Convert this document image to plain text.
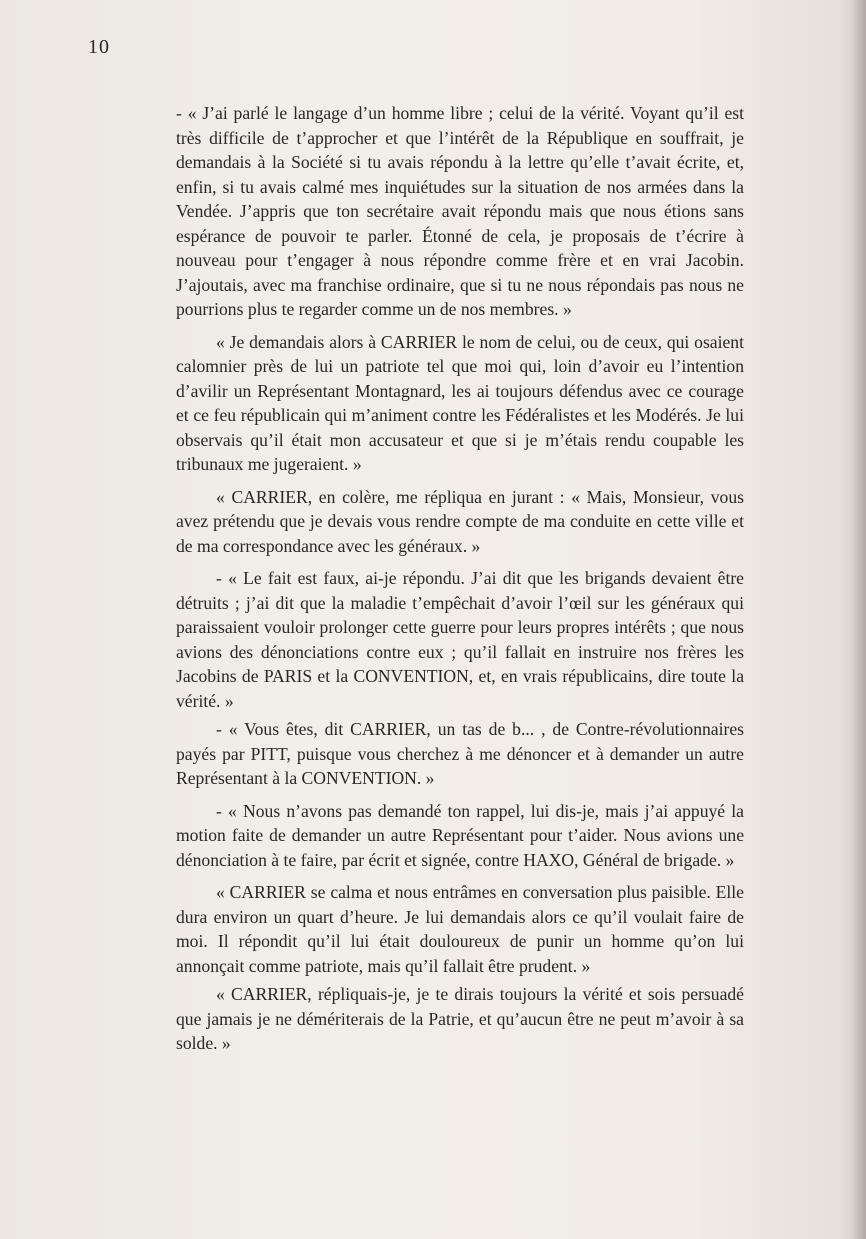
10

- « J’ai parlé le langage d’un homme libre ; celui de la vérité. Voyant qu’il est très difficile de t’approcher et que l’intérêt de la République en souffrait, je demandais à la Société si tu avais répondu à la lettre qu’elle t’avait écrite, et, enfin, si tu avais calmé mes inquiétudes sur la situation de nos armées dans la Vendée. J’appris que ton secrétaire avait répondu mais que nous étions sans espérance de pouvoir te parler. Étonné de cela, je proposais de t’écrire à nouveau pour t’engager à nous répondre comme frère et en vrai Jacobin. J’ajoutais, avec ma franchise ordinaire, que si tu ne nous répondais pas nous ne pourrions plus te regarder comme un de nos membres. »

« Je demandais alors à CARRIER le nom de celui, ou de ceux, qui osaient calomnier près de lui un patriote tel que moi qui, loin d’avoir eu l’intention d’avilir un Représentant Montagnard, les ai toujours défendus avec ce courage et ce feu républicain qui m’animent contre les Fédéralistes et les Modérés. Je lui observais qu’il était mon accusateur et que si je m’étais rendu coupable les tribunaux me jugeraient. »

« CARRIER, en colère, me répliqua en jurant : « Mais, Monsieur, vous avez prétendu que je devais vous rendre compte de ma conduite en cette ville et de ma correspondance avec les généraux. »

- « Le fait est faux, ai-je répondu. J’ai dit que les brigands devaient être détruits ; j’ai dit que la maladie t’empêchait d’avoir l’œil sur les généraux qui paraissaient vouloir prolonger cette guerre pour leurs propres intérêts ; que nous avions des dénonciations contre eux ; qu’il fallait en instruire nos frères les Jacobins de PARIS et la CONVENTION, et, en vrais républicains, dire toute la vérité. »

- « Vous êtes, dit CARRIER, un tas de b... , de Contre-révolutionnaires payés par PITT, puisque vous cherchez à me dénoncer et à demander un autre Représentant à la CONVENTION. »

- « Nous n’avons pas demandé ton rappel, lui dis-je, mais j’ai appuyé la motion faite de demander un autre Représentant pour t’aider. Nous avions une dénonciation à te faire, par écrit et signée, contre HAXO, Général de brigade. »

« CARRIER se calma et nous entrâmes en conversation plus paisible. Elle dura environ un quart d’heure. Je lui demandais alors ce qu’il voulait faire de moi. Il répondit qu’il lui était douloureux de punir un homme qu’on lui annonçait comme patriote, mais qu’il fallait être prudent. »

« CARRIER, répliquais-je, je te dirais toujours la vérité et sois persuadé que jamais je ne démériterais de la Patrie, et qu’aucun être ne peut m’avoir à sa solde. »
